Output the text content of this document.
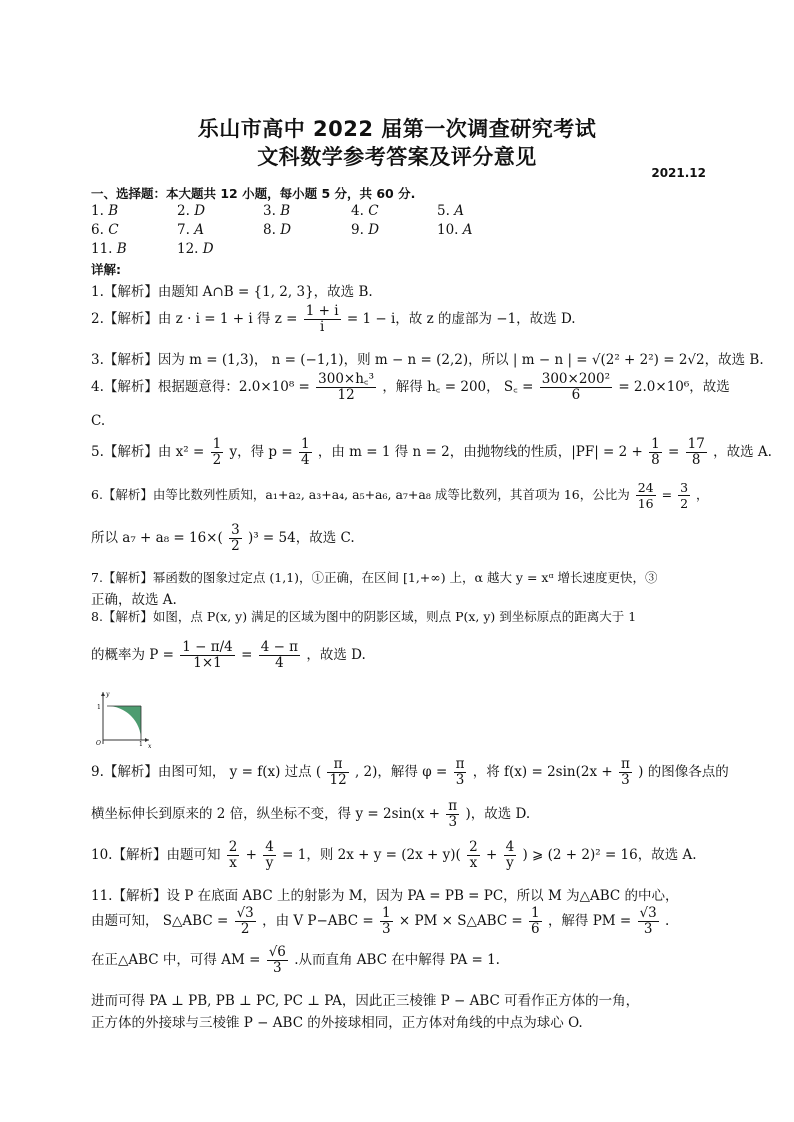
乐山市高中 2022 届第一次调查研究考试
文科数学参考答案及评分意见
2021.12
一、选择题：本大题共 12 小题，每小题 5 分，共 60 分.
1. B	2. D	3. B	4. C	5. A
6. C	7. A	8. D	9. D	10. A
11. B	12. D
详解:
1.【解析】由题知 A∩B = {1, 2, 3}，故选 B.
2.【解析】由 z · i = 1 + i 得 $z = \frac{1 + i}{i} = 1 - i$，故 z 的虚部为 −1，故选 D.
3.【解析】因为 m = (1,3)， n = (−1,1)，则 m − n = (2,2)，所以 | m − n | = √(2² + 2²) = 2√2，故选 B.
4.【解析】根据题意得：$2.0\times 10^8 = \frac{\text{300×h꜀³}}{12}$ ，解得 h꜀ = 200， S꜀ = $\frac{\text{300×200²}}{6} = 2.0\times 10^6$，故选
C.
5.【解析】由 $x^2 = \frac{1}{2}$ y，得 $p = \frac{1}{4}$ ，由 m = 1 得 n = 2，由抛物线的性质，$|PF| = 2 + \frac{1}{8} = \frac{17}{8}$ ，故选 A.
6.【解析】由等比数列性质知，a₁+a₂, a₃+a₄, a₅+a₆, a₇+a₈ 成等比数列，其首项为 16，公比为 $\frac{24}{16} = \frac{3}{2}$ ，
所以 $a_7 + a_8 = 16\times( \frac{3}{2} )^3 = 54$，故选 C.
7.【解析】幂函数的图象过定点 (1,1)，①正确，在区间 [1,+∞) 上，α 越大 y = xᵅ 增长速度更快，③
正确，故选 A.
8.【解析】如图，点 P(x, y) 满足的区域为图中的阴影区域，则点 P(x, y) 到坐标原点的距离大于 1
的概率为 $P = \frac{1 - \pi/4}{1\times 1} = \frac{4 - \pi}{4}$ ，故选 D.
y
x
O
1
1
9.【解析】由图可知， y = f(x) 过点 ( $\frac{\pi}{12}$ , 2)，解得 $\varphi = \frac{\pi}{3}$ ，将 $f(x) = 2\sin(2x + \frac{\pi}{3}$ ) 的图像各点的
横坐标伸长到原来的 2 倍，纵坐标不变，得 $y = 2\sin(x + \frac{\pi}{3}$ )，故选 D.
10.【解析】由题可知 $\frac{2}{x} + \frac{4}{y} = 1$，则 $2x + y = (2x + y)( \frac{2}{x} + \frac{4}{y}$ ) ⩾ (2 + 2)² = 16，故选 A.
11.【解析】设 P 在底面 ABC 上的射影为 M，因为 PA = PB = PC，所以 M 为△ABC 的中心，
由题可知， S△ABC = $\frac{√3}{2}$ ，由 V $P-ABC = \frac{1}{3}$ × PM × S△ABC = $\frac{1}{6}$ ，解得 PM = $\frac{√3}{3}$ .
在正△ABC 中，可得 AM = $\frac{√6}{3}$ .从而直角 ABC 在中解得 PA = 1.
进而可得 PA ⊥ PB, PB ⊥ PC, PC ⊥ PA，因此正三棱锥 P − ABC 可看作正方体的一角，
正方体的外接球与三棱锥 P − ABC 的外接球相同，正方体对角线的中点为球心 O.
